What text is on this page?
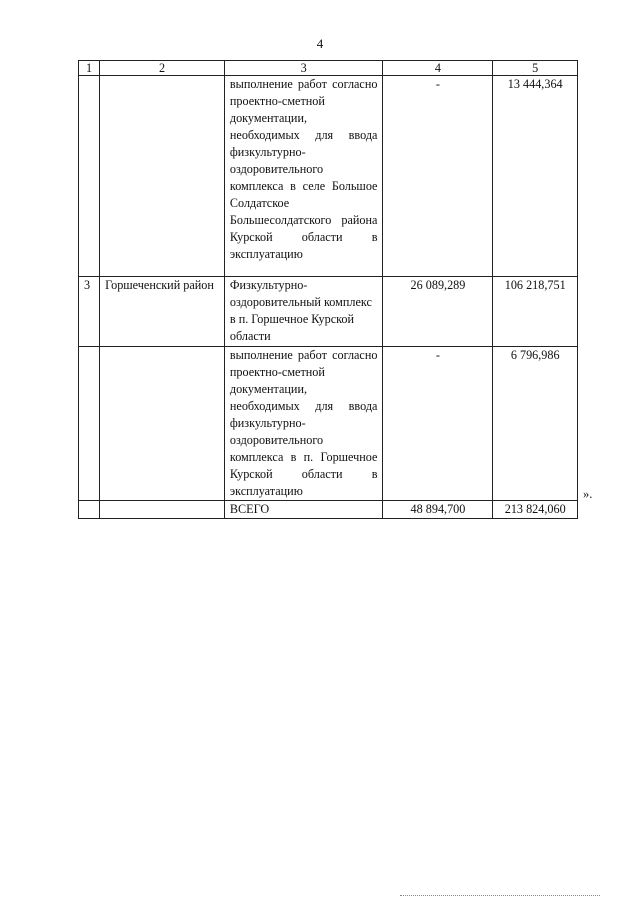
4
1	2	3	4	5
		выполнение работ согласно проектно-сметной документации, необходимых для ввода физкультурно-оздоровительного комплекса в селе Большое Солдатское Большесолдатского района Курской области в эксплуатацию	-	13 444,364
3	Горшеченский район	Физкультурно-оздоровительный комплекс в п. Горшечное Курской области	26 089,289	106 218,751
		выполнение работ согласно проектно-сметной документации, необходимых для ввода физкультурно-оздоровительного комплекса в п. Горшечное Курской области в эксплуатацию	-	6 796,986
		ВСЕГО	48 894,700	213 824,060
».
